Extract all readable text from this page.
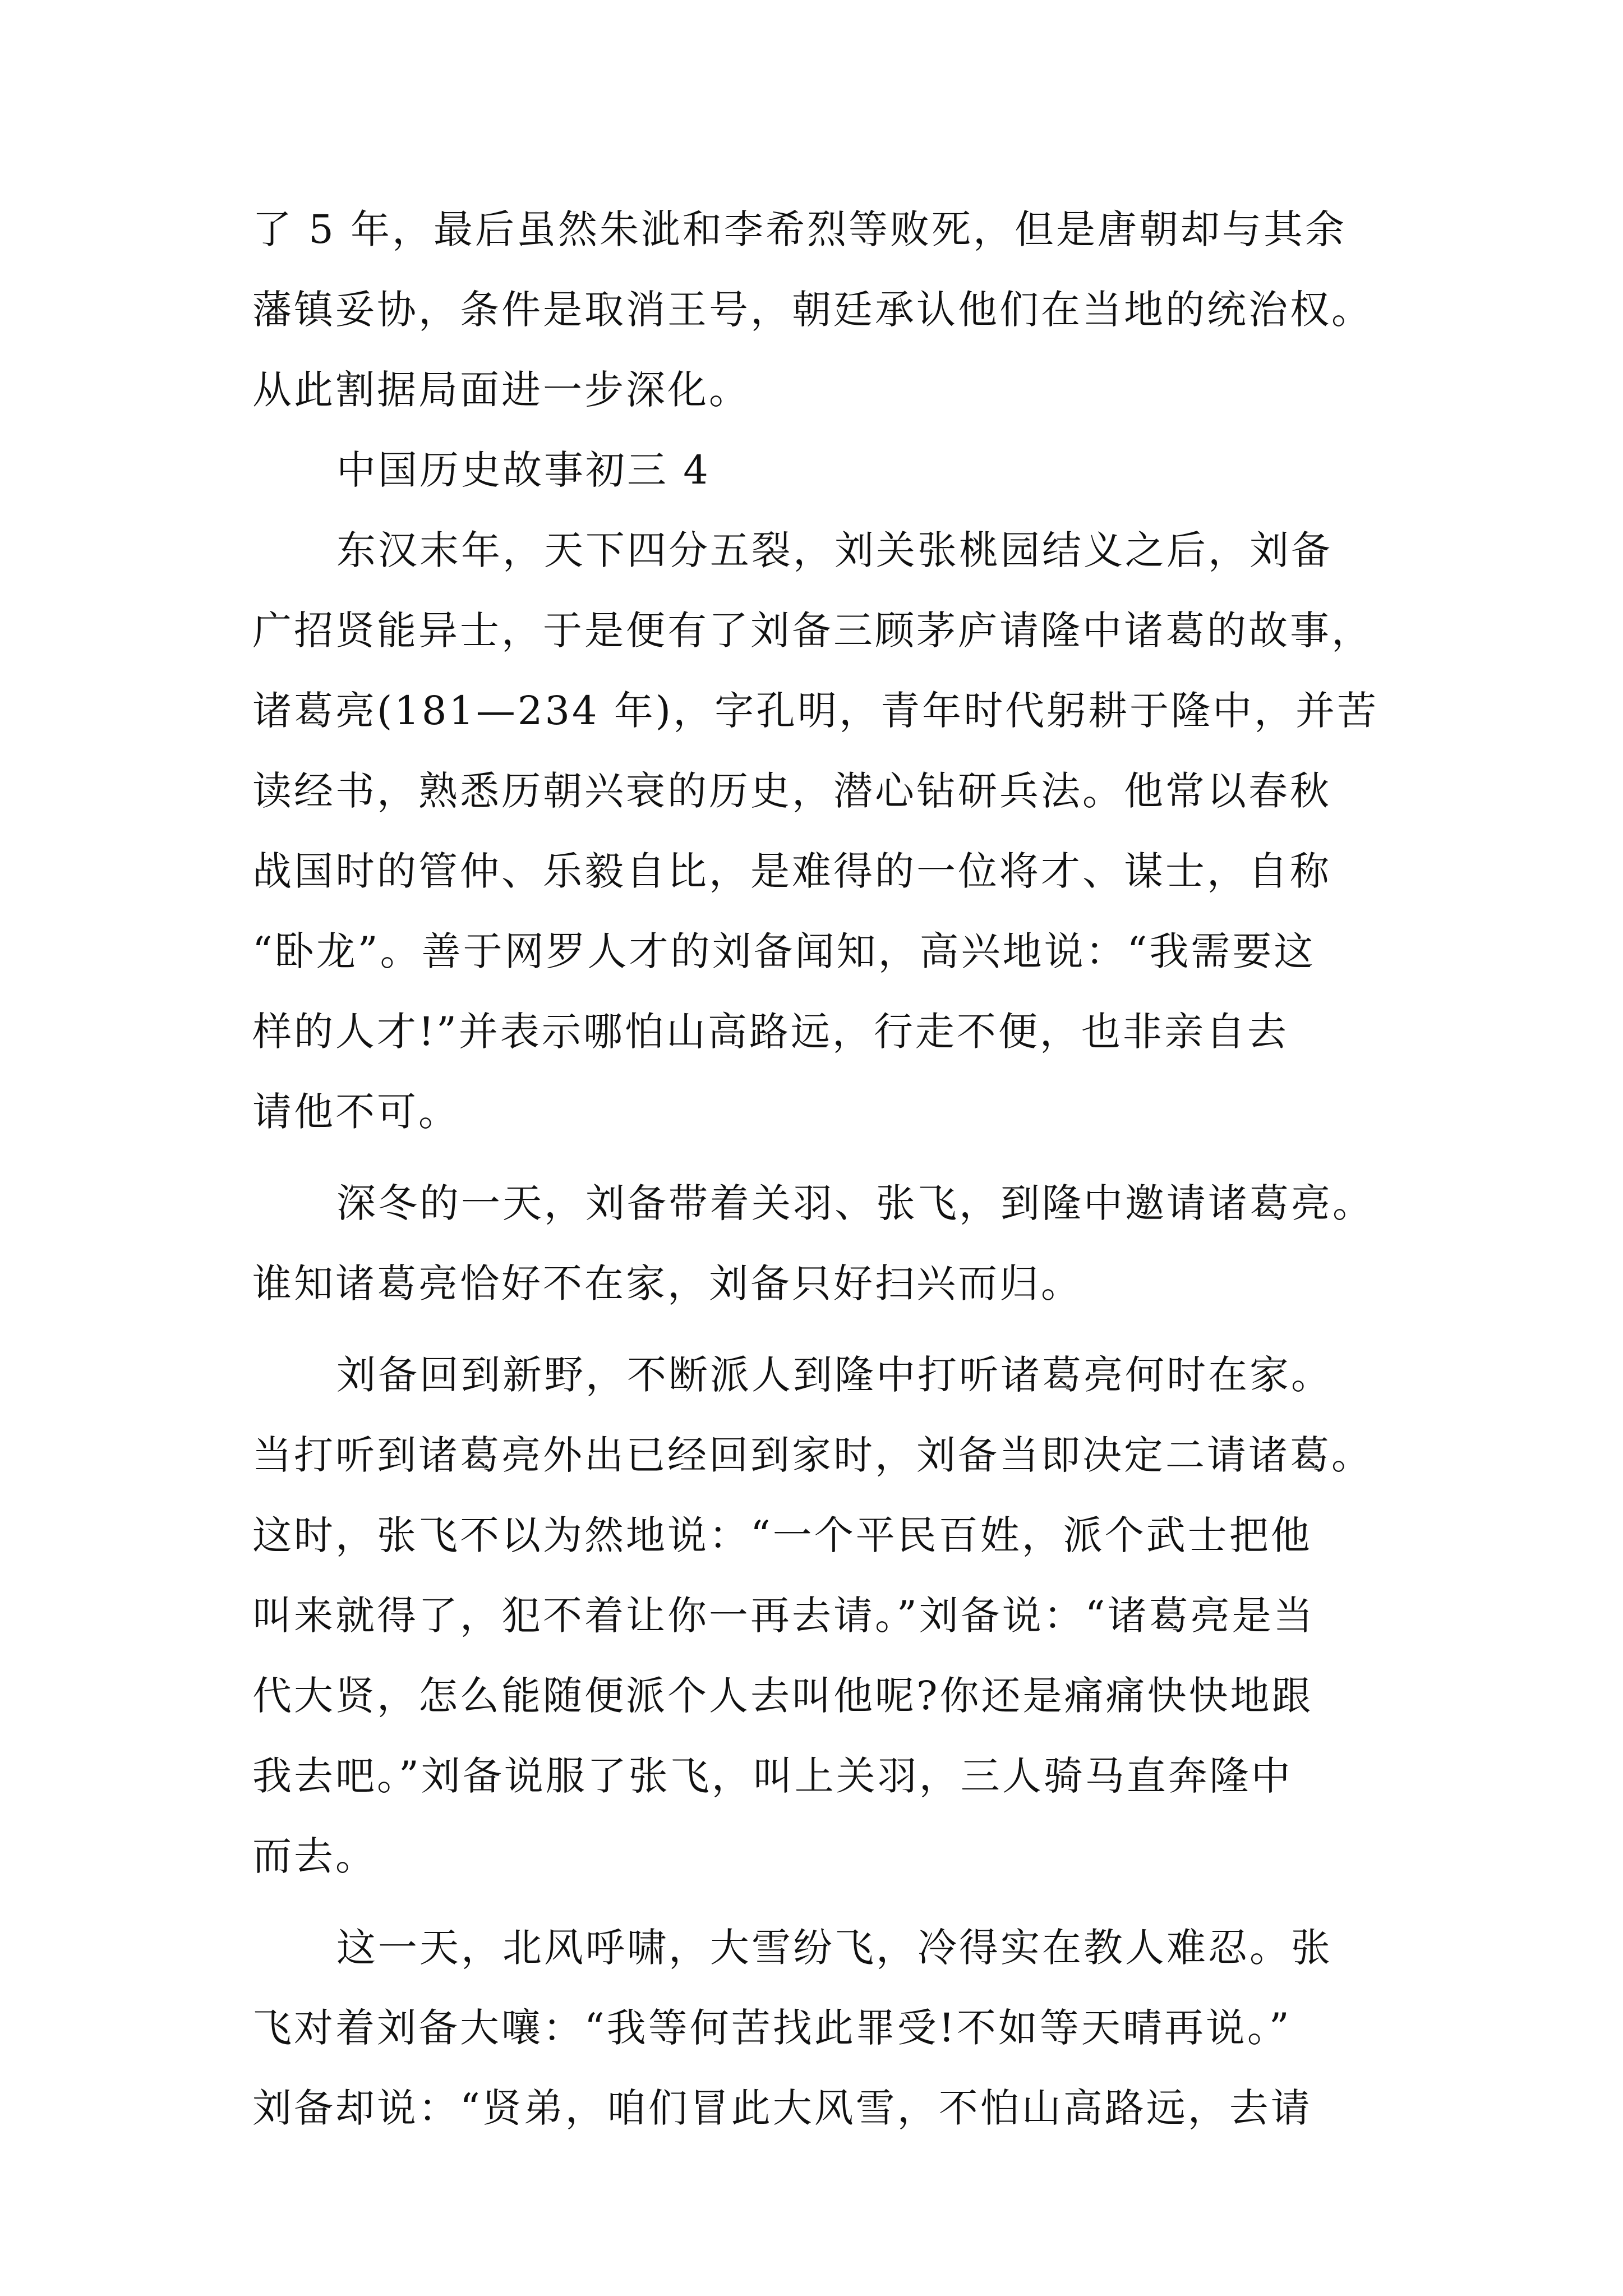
了 5 年，最后虽然朱泚和李希烈等败死，但是唐朝却与其余
藩镇妥协，条件是取消王号，朝廷承认他们在当地的统治权。
从此割据局面进一步深化。
中国历史故事初三 4
东汉末年，天下四分五裂，刘关张桃园结义之后，刘备
广招贤能异士，于是便有了刘备三顾茅庐请隆中诸葛的故事，
诸葛亮(181—234 年)，字孔明，青年时代躬耕于隆中，并苦
读经书，熟悉历朝兴衰的历史，潜心钻研兵法。他常以春秋
战国时的管仲、乐毅自比，是难得的一位将才、谋士，自称
“卧龙”。善于网罗人才的刘备闻知，高兴地说：“我需要这
样的人才!”并表示哪怕山高路远，行走不便，也非亲自去
请他不可。
深冬的一天，刘备带着关羽、张飞，到隆中邀请诸葛亮。
谁知诸葛亮恰好不在家，刘备只好扫兴而归。
刘备回到新野，不断派人到隆中打听诸葛亮何时在家。
当打听到诸葛亮外出已经回到家时，刘备当即决定二请诸葛。
这时，张飞不以为然地说：“一个平民百姓，派个武士把他
叫来就得了，犯不着让你一再去请。”刘备说：“诸葛亮是当
代大贤，怎么能随便派个人去叫他呢?你还是痛痛快快地跟
我去吧。”刘备说服了张飞，叫上关羽，三人骑马直奔隆中
而去。
这一天，北风呼啸，大雪纷飞，冷得实在教人难忍。张
飞对着刘备大嚷：“我等何苦找此罪受!不如等天晴再说。”
刘备却说：“贤弟，咱们冒此大风雪，不怕山高路远，去请
